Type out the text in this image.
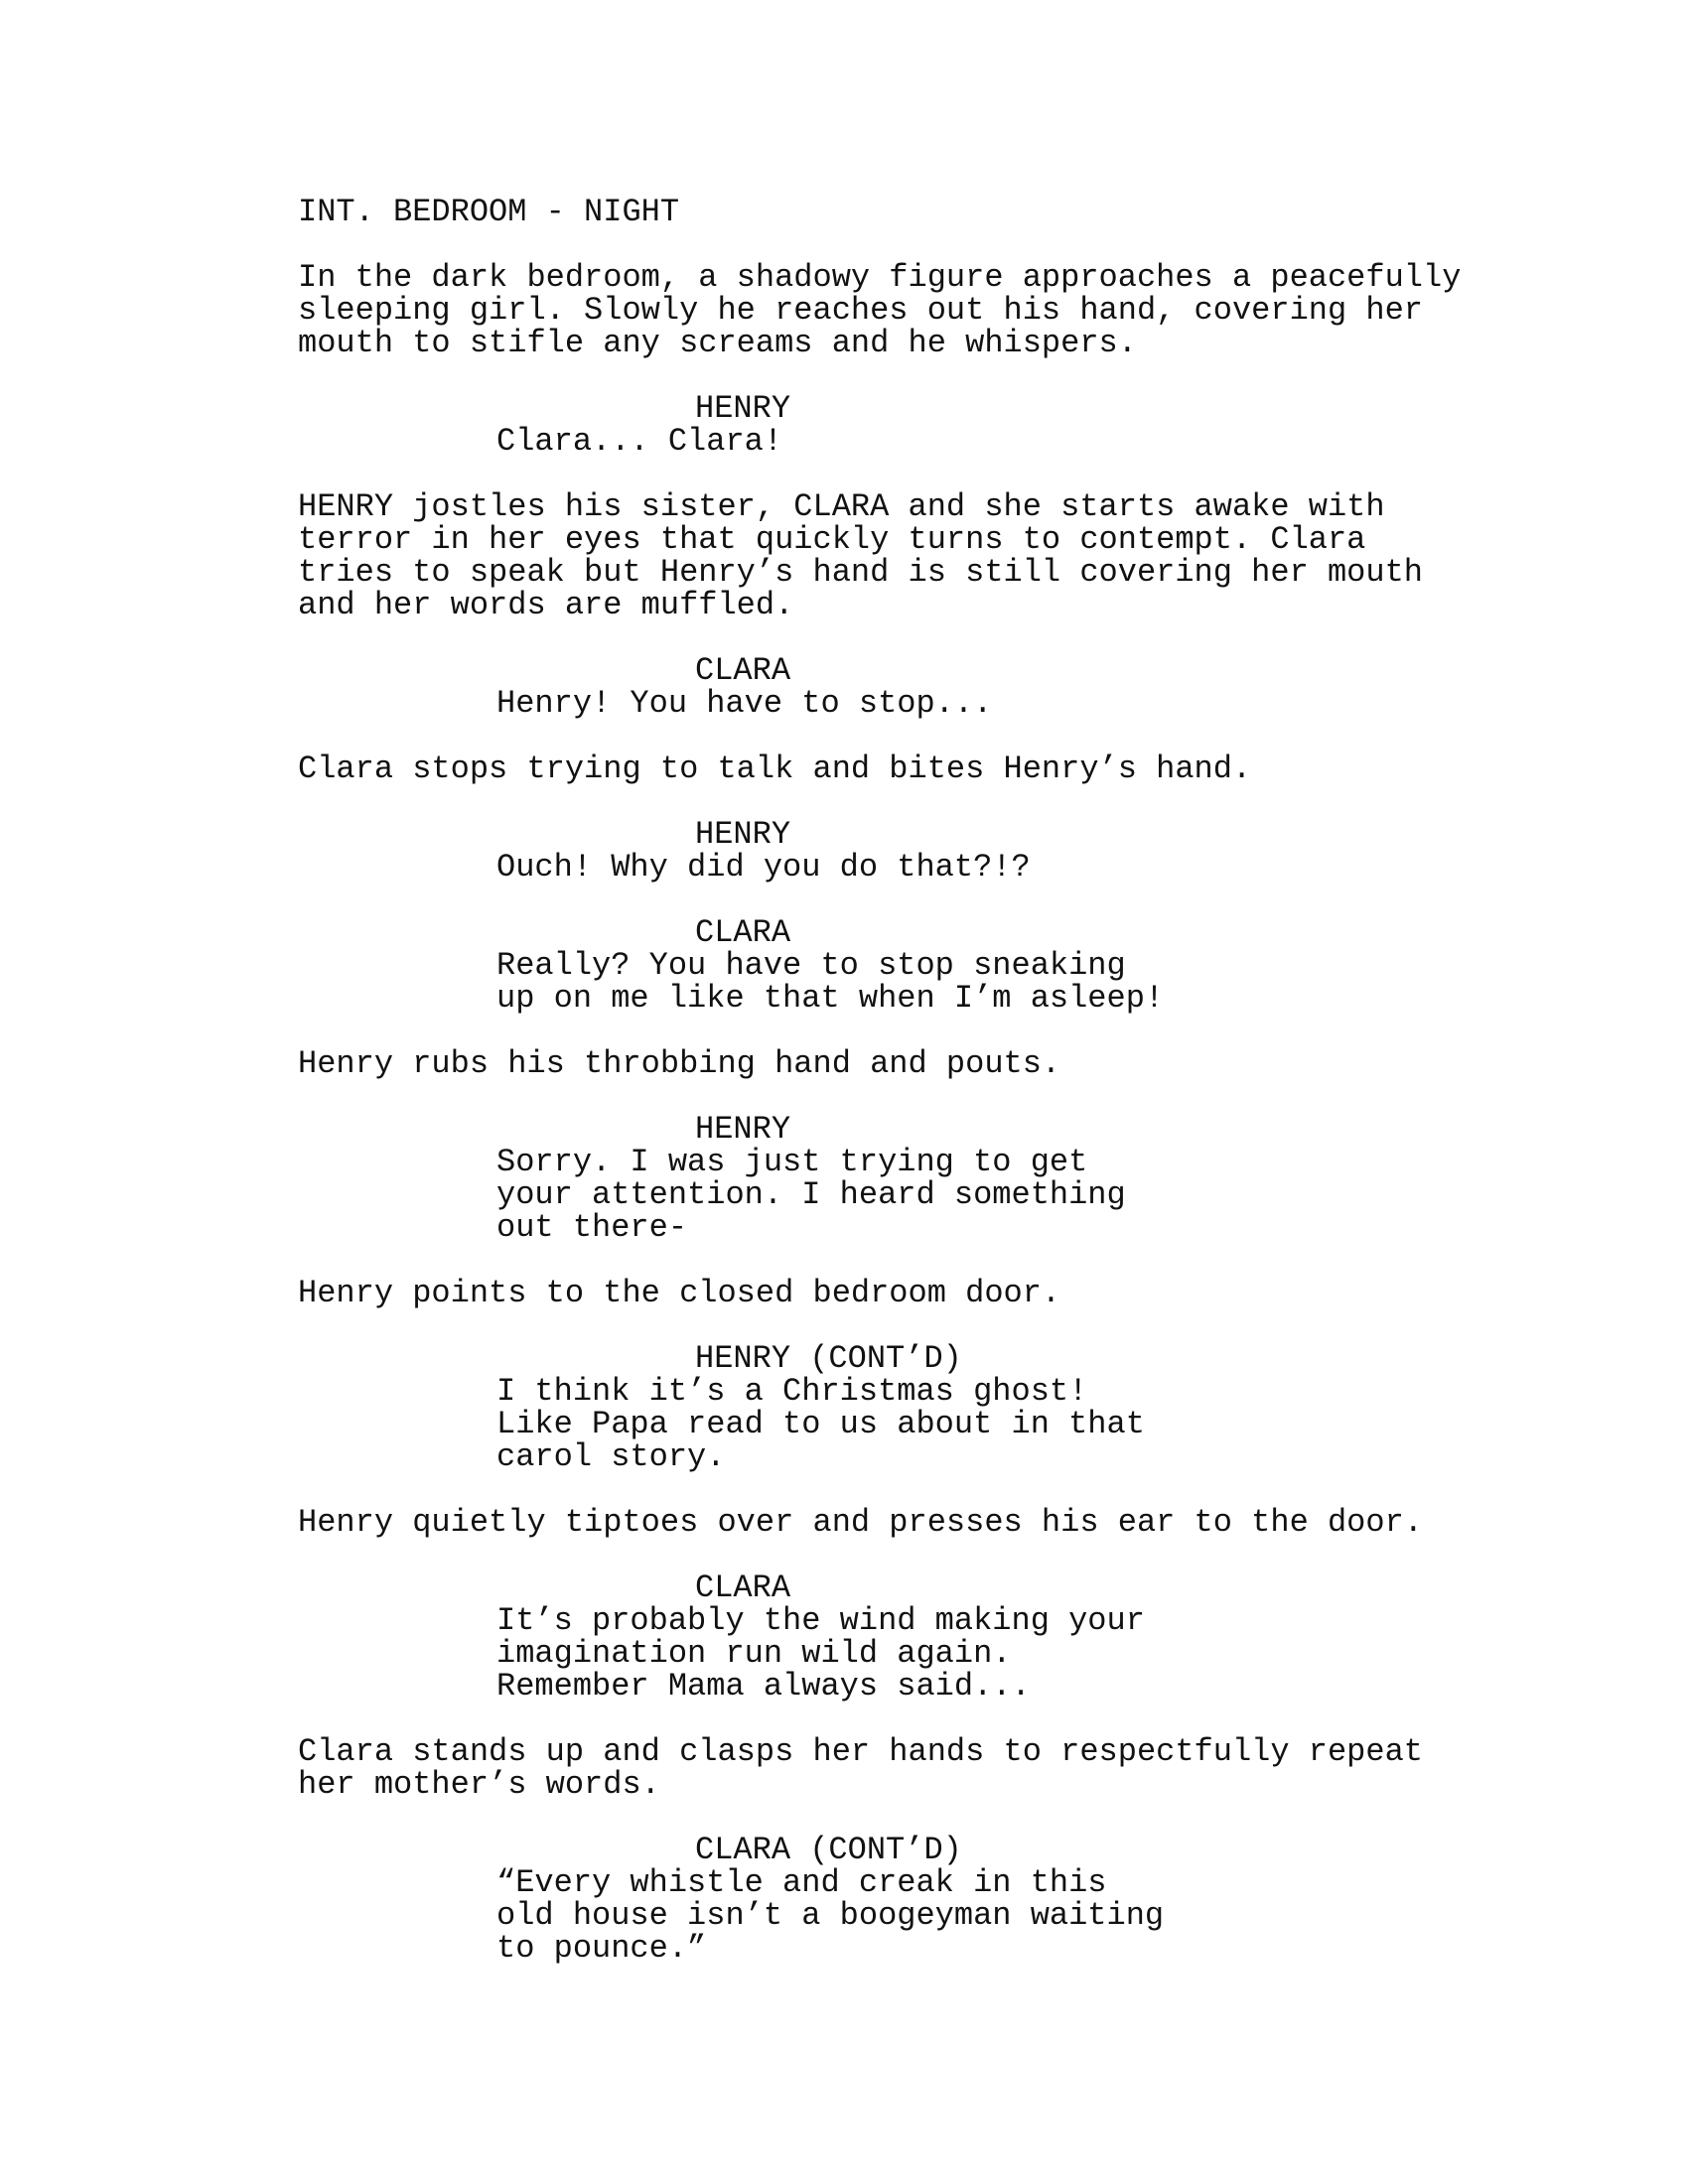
INT. BEDROOM - NIGHT
In the dark bedroom, a shadowy figure approaches a peacefully
sleeping girl. Slowly he reaches out his hand, covering her
mouth to stifle any screams and he whispers.
HENRY
Clara... Clara!
HENRY jostles his sister, CLARA and she starts awake with
terror in her eyes that quickly turns to contempt. Clara
tries to speak but Henry’s hand is still covering her mouth
and her words are muffled.
CLARA
Henry! You have to stop...
Clara stops trying to talk and bites Henry’s hand.
HENRY
Ouch! Why did you do that?!?
CLARA
Really? You have to stop sneaking
up on me like that when I’m asleep!
Henry rubs his throbbing hand and pouts.
HENRY
Sorry. I was just trying to get
your attention. I heard something
out there-
Henry points to the closed bedroom door.
HENRY (CONT’D)
I think it’s a Christmas ghost!
Like Papa read to us about in that
carol story.
Henry quietly tiptoes over and presses his ear to the door.
CLARA
It’s probably the wind making your
imagination run wild again.
Remember Mama always said...
Clara stands up and clasps her hands to respectfully repeat
her mother’s words.
CLARA (CONT’D)
“Every whistle and creak in this
old house isn’t a boogeyman waiting
to pounce.”
